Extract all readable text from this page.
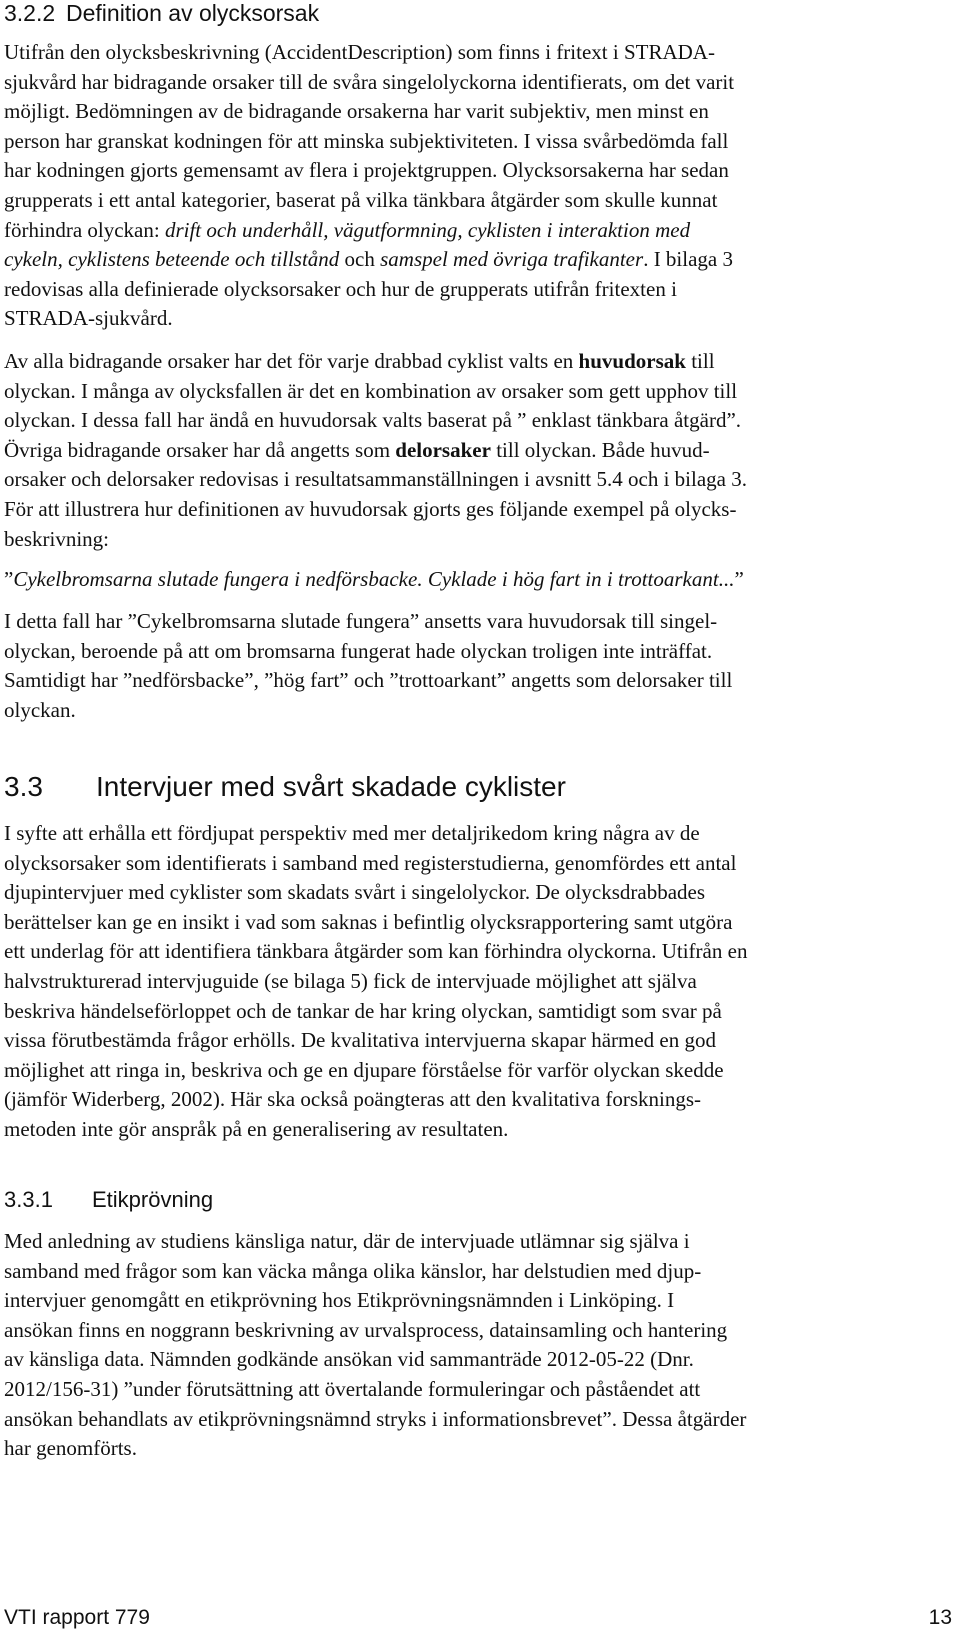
3.2.2 Definition av olycksorsak

Utifrån den olycksbeskrivning (AccidentDescription) som finns i fritext i STRADA-
sjukvård har bidragande orsaker till de svåra singelolyckorna identifierats, om det varit
möjligt. Bedömningen av de bidragande orsakerna har varit subjektiv, men minst en
person har granskat kodningen för att minska subjektiviteten. I vissa svårbedömda fall
har kodningen gjorts gemensamt av flera i projektgruppen. Olycksorsakerna har sedan
grupperats i ett antal kategorier, baserat på vilka tänkbara åtgärder som skulle kunnat
förhindra olyckan: drift och underhåll, vägutformning, cyklisten i interaktion med
cykeln, cyklistens beteende och tillstånd och samspel med övriga trafikanter. I bilaga 3
redovisas alla definierade olycksorsaker och hur de grupperats utifrån fritexten i
STRADA-sjukvård.

Av alla bidragande orsaker har det för varje drabbad cyklist valts en huvudorsak till
olyckan. I många av olycksfallen är det en kombination av orsaker som gett upphov till
olyckan. I dessa fall har ändå en huvudorsak valts baserat på ” enklast tänkbara åtgärd”.
Övriga bidragande orsaker har då angetts som delorsaker till olyckan. Både huvud-
orsaker och delorsaker redovisas i resultatsammanställningen i avsnitt 5.4 och i bilaga 3.
För att illustrera hur definitionen av huvudorsak gjorts ges följande exempel på olycks-
beskrivning:

”Cykelbromsarna slutade fungera i nedförsbacke. Cyklade i hög fart in i trottoarkant...”

I detta fall har ”Cykelbromsarna slutade fungera” ansetts vara huvudorsak till singel-
olyckan, beroende på att om bromsarna fungerat hade olyckan troligen inte inträffat.
Samtidigt har ”nedförsbacke”, ”hög fart” och ”trottoarkant” angetts som delorsaker till
olyckan.

3.3 Intervjuer med svårt skadade cyklister

I syfte att erhålla ett fördjupat perspektiv med mer detaljrikedom kring några av de
olycksorsaker som identifierats i samband med registerstudierna, genomfördes ett antal
djupintervjuer med cyklister som skadats svårt i singelolyckor. De olycksdrabbades
berättelser kan ge en insikt i vad som saknas i befintlig olycksrapportering samt utgöra
ett underlag för att identifiera tänkbara åtgärder som kan förhindra olyckorna. Utifrån en
halvstrukturerad intervjuguide (se bilaga 5) fick de intervjuade möjlighet att själva
beskriva händelseförloppet och de tankar de har kring olyckan, samtidigt som svar på
vissa förutbestämda frågor erhölls. De kvalitativa intervjuerna skapar härmed en god
möjlighet att ringa in, beskriva och ge en djupare förståelse för varför olyckan skedde
(jämför Widerberg, 2002). Här ska också poängteras att den kvalitativa forsknings-
metoden inte gör anspråk på en generalisering av resultaten.

3.3.1 Etikprövning

Med anledning av studiens känsliga natur, där de intervjuade utlämnar sig själva i
samband med frågor som kan väcka många olika känslor, har delstudien med djup-
intervjuer genomgått en etikprövning hos Etikprövningsnämnden i Linköping. I
ansökan finns en noggrann beskrivning av urvalsprocess, datainsamling och hantering
av känsliga data. Nämnden godkände ansökan vid sammanträde 2012-05-22 (Dnr.
2012/156-31) ”under förutsättning att övertalande formuleringar och påståendet att
ansökan behandlats av etikprövningsnämnd stryks i informationsbrevet”. Dessa åtgärder
har genomförts.

VTI rapport 779	13
